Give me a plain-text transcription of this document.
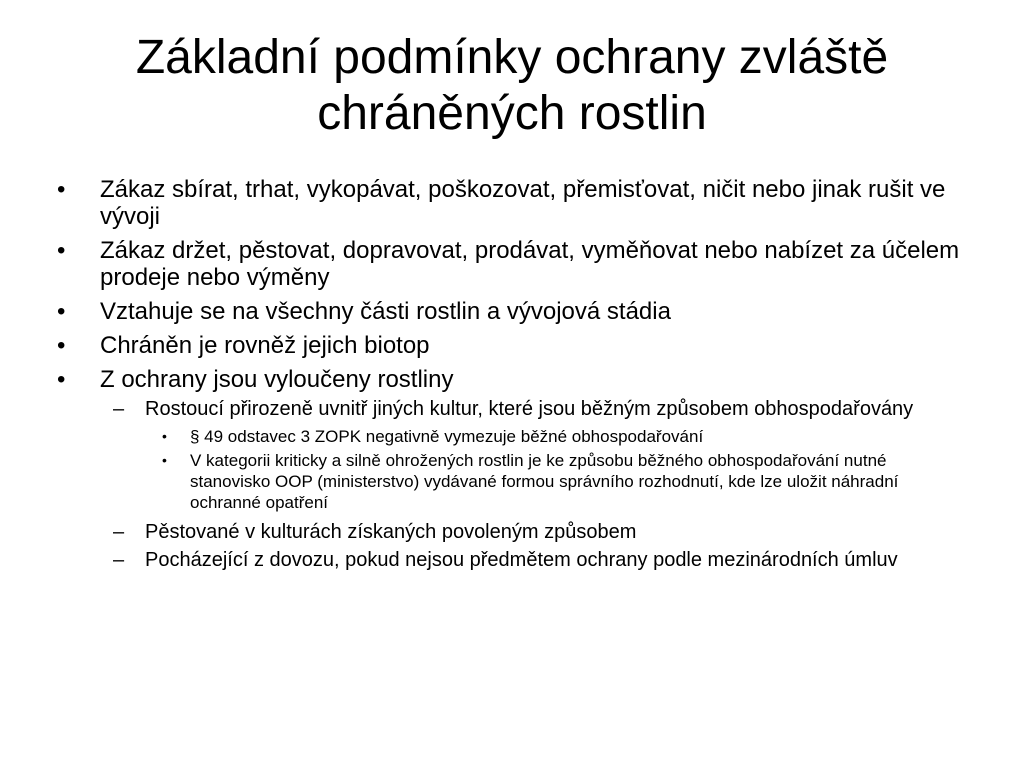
Základní podmínky ochrany zvláště chráněných rostlin
•	Zákaz sbírat, trhat, vykopávat, poškozovat, přemisťovat, ničit nebo jinak rušit ve vývoji
•	Zákaz držet, pěstovat, dopravovat, prodávat, vyměňovat nebo nabízet za účelem prodeje nebo výměny
•	Vztahuje se na všechny části rostlin a vývojová stádia
•	Chráněn je rovněž jejich biotop
•	Z ochrany jsou vyloučeny rostliny
–	Rostoucí přirozeně uvnitř jiných kultur, které jsou běžným způsobem obhospodařovány
•	§ 49 odstavec 3 ZOPK negativně vymezuje běžné obhospodařování
•	V kategorii kriticky a silně ohrožených rostlin je ke způsobu běžného obhospodařování nutné stanovisko OOP (ministerstvo) vydávané formou správního rozhodnutí, kde lze uložit náhradní ochranné opatření
–	Pěstované v kulturách získaných povoleným způsobem
–	Pocházející z dovozu, pokud nejsou předmětem ochrany podle mezinárodních úmluv
